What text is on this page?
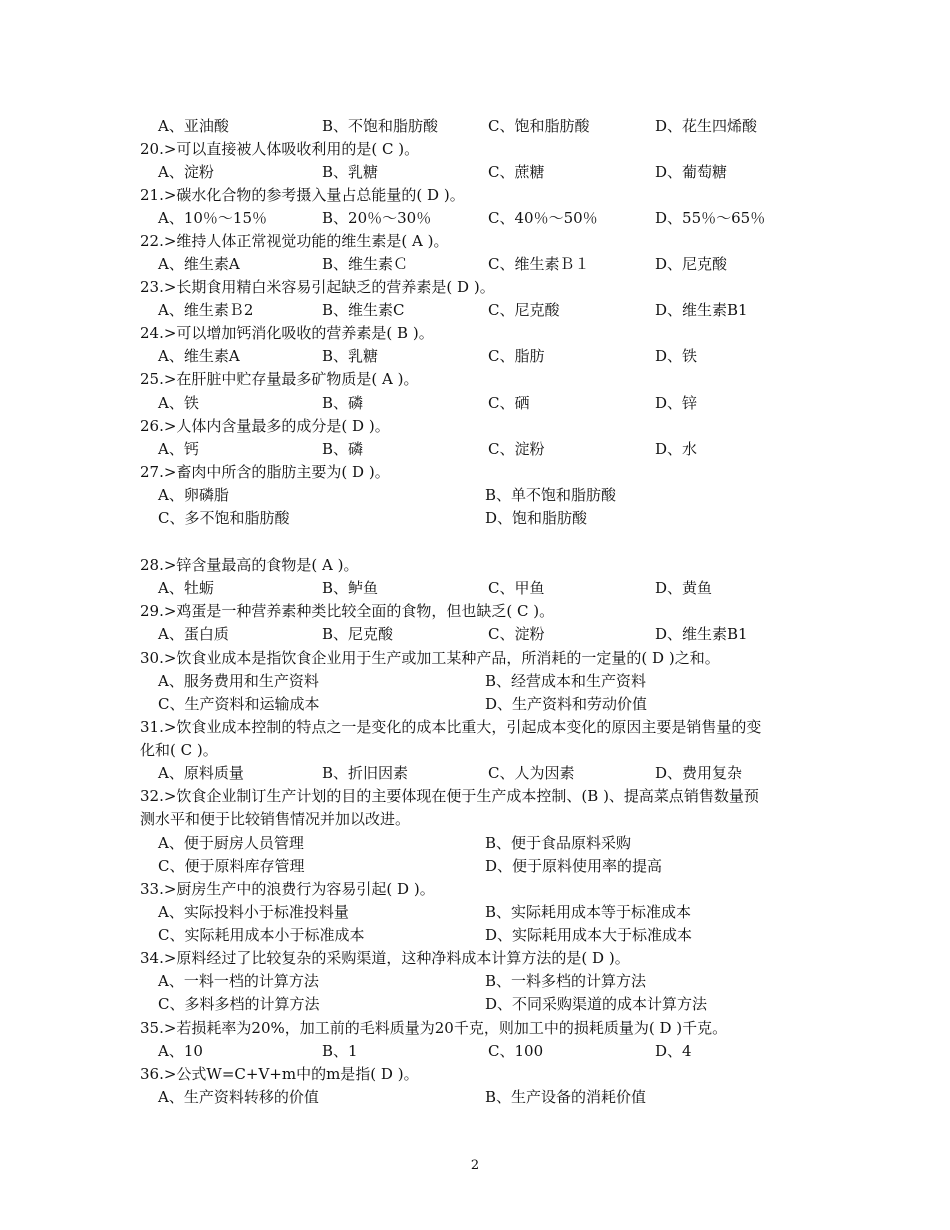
A、亚油酸	B、不饱和脂肪酸	C、饱和脂肪酸	D、花生四烯酸
20.>可以直接被人体吸收利用的是( C )。
A、淀粉	B、乳糖	C、蔗糖	D、葡萄糖
21.>碳水化合物的参考摄入量占总能量的( D )。
A、10％～15％	B、20％～30％	C、40％～50％	D、55％～65％
22.>维持人体正常视觉功能的维生素是( A )。
A、维生素A	B、维生素Ｃ	C、维生素Ｂ１	D、尼克酸
23.>长期食用精白米容易引起缺乏的营养素是( D )。
A、维生素Ｂ2	B、维生素C	C、尼克酸	D、维生素B1
24.>可以增加钙消化吸收的营养素是( B )。
A、维生素A	B、乳糖	C、脂肪	D、铁
25.>在肝脏中贮存量最多矿物质是( A )。
A、铁	B、磷	C、硒	D、锌
26.>人体内含量最多的成分是( D )。
A、钙	B、磷	C、淀粉	D、水
27.>畜肉中所含的脂肪主要为( D )。
A、卵磷脂	B、单不饱和脂肪酸
C、多不饱和脂肪酸	D、饱和脂肪酸
28.>锌含量最高的食物是( A )。
A、牡蛎	B、鲈鱼	C、甲鱼	D、黄鱼
29.>鸡蛋是一种营养素种类比较全面的食物，但也缺乏( C )。
A、蛋白质	B、尼克酸	C、淀粉	D、维生素B1
30.>饮食业成本是指饮食企业用于生产或加工某种产品，所消耗的一定量的( D )之和。
A、服务费用和生产资料	B、经营成本和生产资料
C、生产资料和运输成本	D、生产资料和劳动价值
31.>饮食业成本控制的特点之一是变化的成本比重大，引起成本变化的原因主要是销售量的变
化和( C )。
A、原料质量	B、折旧因素	C、人为因素	D、费用复杂
32.>饮食企业制订生产计划的目的主要体现在便于生产成本控制、(B )、提高菜点销售数量预
测水平和便于比较销售情况并加以改进。
A、便于厨房人员管理	B、便于食品原料采购
C、便于原料库存管理	D、便于原料使用率的提高
33.>厨房生产中的浪费行为容易引起( D )。
A、实际投料小于标准投料量	B、实际耗用成本等于标准成本
C、实际耗用成本小于标准成本	D、实际耗用成本大于标准成本
34.>原料经过了比较复杂的采购渠道，这种净料成本计算方法的是( D )。
A、一料一档的计算方法	B、一料多档的计算方法
C、多料多档的计算方法	D、不同采购渠道的成本计算方法
35.>若损耗率为20%，加工前的毛料质量为20千克，则加工中的损耗质量为( D )千克。
A、10	B、1	C、100	D、4
36.>公式W=C+V+m中的m是指( D )。
A、生产资料转移的价值	B、生产设备的消耗价值
2
